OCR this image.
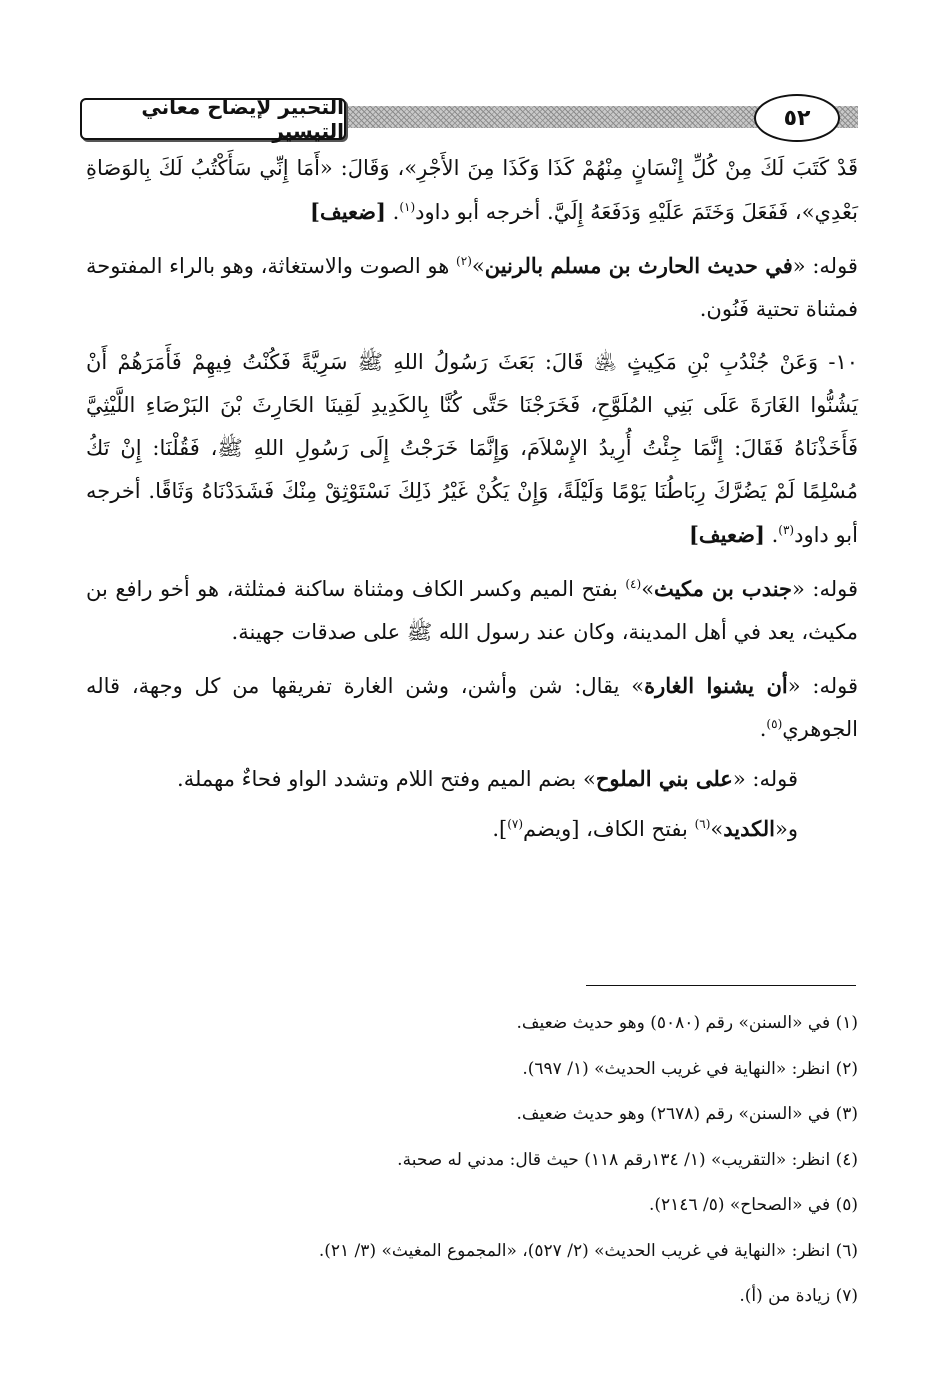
التحبير لإيضاح معاني التيسير
٥٢

قَدْ كَتَبَ لَكَ مِنْ كُلِّ إِنْسَانٍ مِنْهُمْ كَذَا وَكَذَا مِنَ الأَجْرِ»، وَقَالَ: «أَمَا إِنِّي سَأَكْتُبُ لَكَ بِالوَصَاةِ بَعْدِي»، فَفَعَلَ وَخَتَمَ عَلَيْهِ وَدَفَعَهُ إِلَيَّ. أخرجه أبو داود$^{(١)}$. [ضعيف]

قوله: «في حديث الحارث بن مسلم بالرنين»$^{(٢)}$ هو الصوت والاستغاثة، وهو بالراء المفتوحة فمثناة تحتية فَنُون.

١٠- وَعَنْ جُنْدُبِ بْنِ مَكِيثٍ ﵁ قَالَ: بَعَثَ رَسُولُ اللهِ ﷺ سَرِيَّةً فَكُنْتُ فِيهِمْ فَأَمَرَهُمْ أَنْ يَشُنُّوا الغَارَةَ عَلَى بَنِي المُلَوَّحِ، فَخَرَجْنَا حَتَّى كُنَّا بِالكَدِيدِ لَقِينَا الحَارِثَ بْنَ البَرْصَاءِ اللَّيْثِيَّ فَأَخَذْنَاهُ فَقَالَ: إِنَّمَا جِئْتُ أُرِيدُ الإِسْلاَمَ، وَإِنَّمَا خَرَجْتُ إِلَى رَسُولِ اللهِ ﷺ، فَقُلْنَا: إِنْ تَكُ مُسْلِمًا لَمْ يَضُرَّكَ رِبَاطُنَا يَوْمًا وَلَيْلَةً، وَإِنْ يَكُنْ غَيْرُ ذَلِكَ نَسْتَوْثِقْ مِنْكَ فَشَدَدْنَاهُ وَثَاقًا. أخرجه أبو داود$^{(٣)}$. [ضعيف]

قوله: «جندب بن مكيث»$^{(٤)}$ بفتح الميم وكسر الكاف ومثناة ساكنة فمثلثة، هو أخو رافع بن مكيث، يعد في أهل المدينة، وكان عند رسول الله ﷺ على صدقات جهينة.

قوله: «أن يشنوا الغارة» يقال: شن وأشن، وشن الغارة تفريقها من كل وجهة، قاله الجوهري$^{(٥)}$.

قوله: «على بني الملوح» بضم الميم وفتح اللام وتشدد الواو فحاءٌ مهملة.

و«الكديد»$^{(٦)}$ بفتح الكاف، [ويضم$^{(٧)}$].

(١) في «السنن» رقم (٥٠٨٠) وهو حديث ضعيف.

(٢) انظر: «النهاية في غريب الحديث» (١/ ٦٩٧).

(٣) في «السنن» رقم (٢٦٧٨) وهو حديث ضعيف.

(٤) انظر: «التقريب» (١/ ١٣٤رقم ١١٨) حيث قال: مدني له صحبة.

(٥) في «الصحاح» (٥/ ٢١٤٦).

(٦) انظر: «النهاية في غريب الحديث» (٢/ ٥٢٧)، «المجموع المغيث» (٣/ ٢١).

(٧) زيادة من (أ).
